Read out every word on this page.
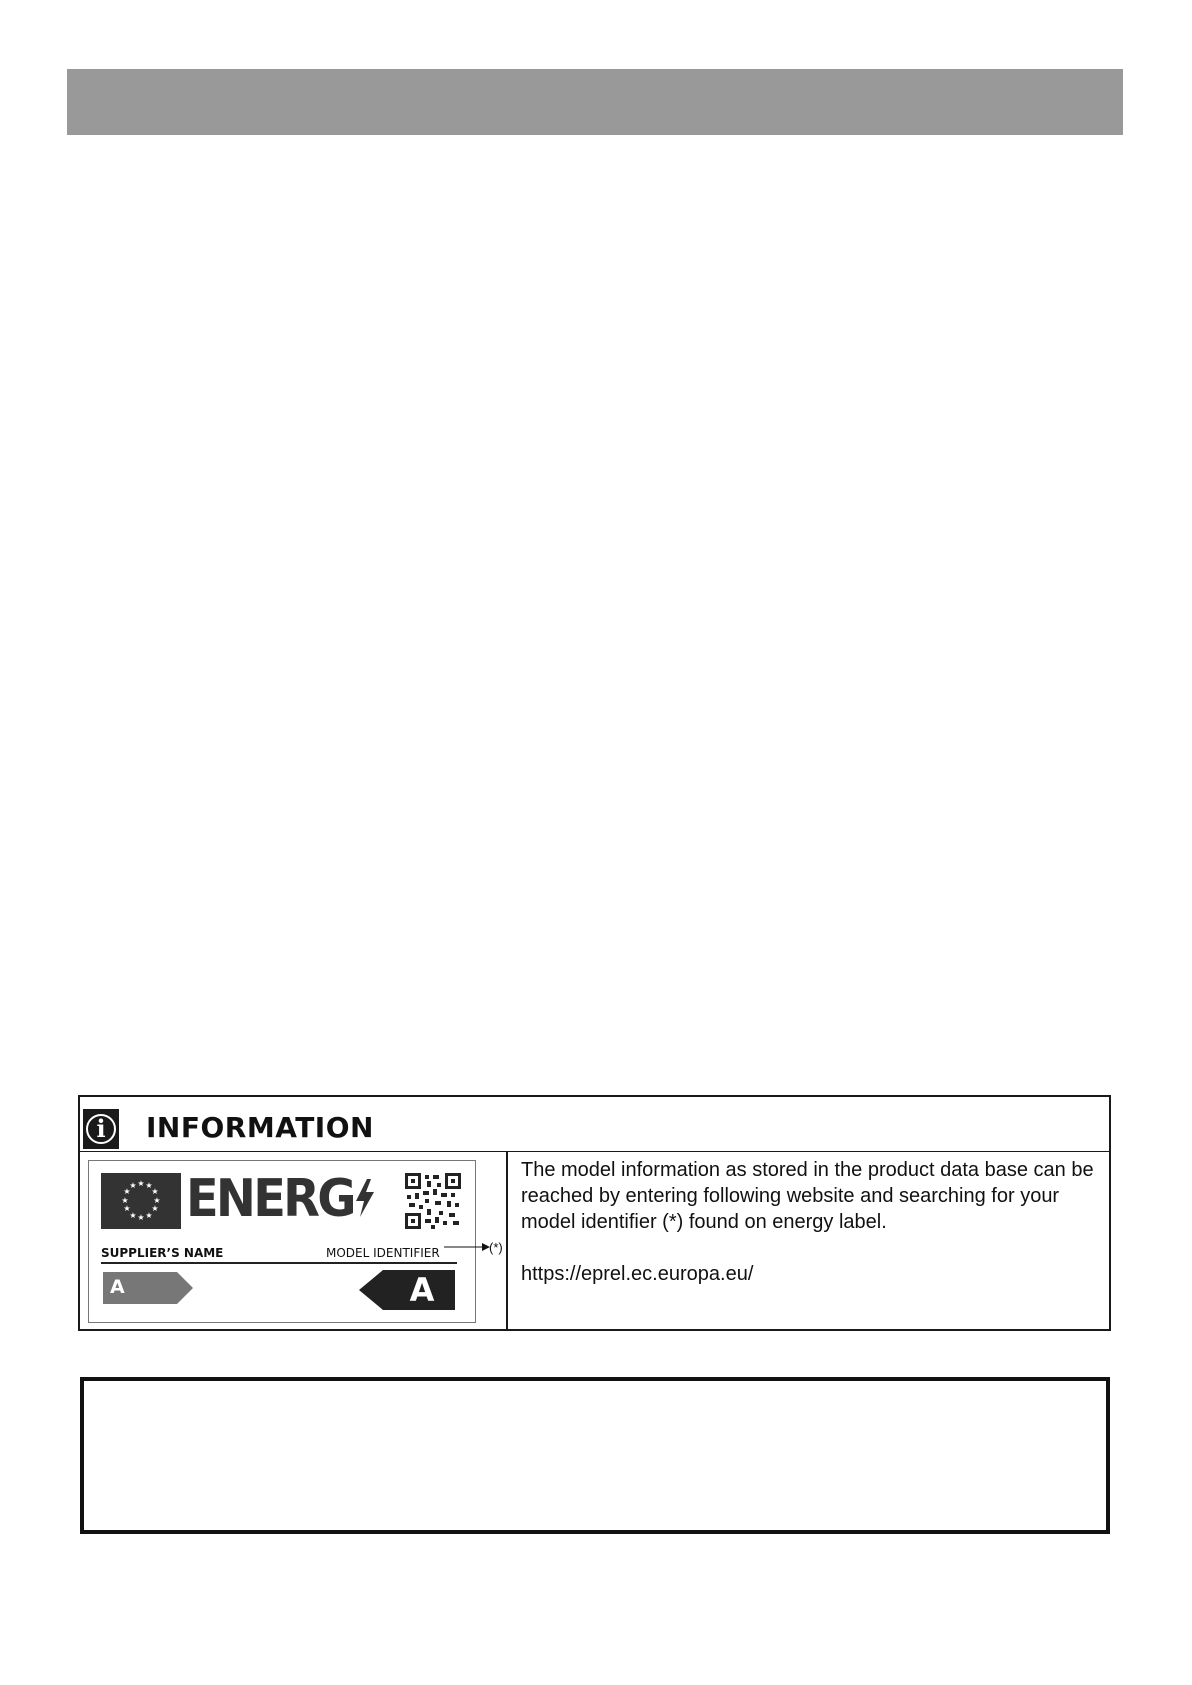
i	INFORMATION
★ ★
★
★
★
★
★
★
★
★
★
★ ENERG
SUPPLIER’S NAME	MODEL IDENTIFIER
A	A
(*)

The model information as stored in the product data base can be reached by entering following website and searching for your model identifier (*) found on energy label.

https://eprel.ec.europa.eu/
